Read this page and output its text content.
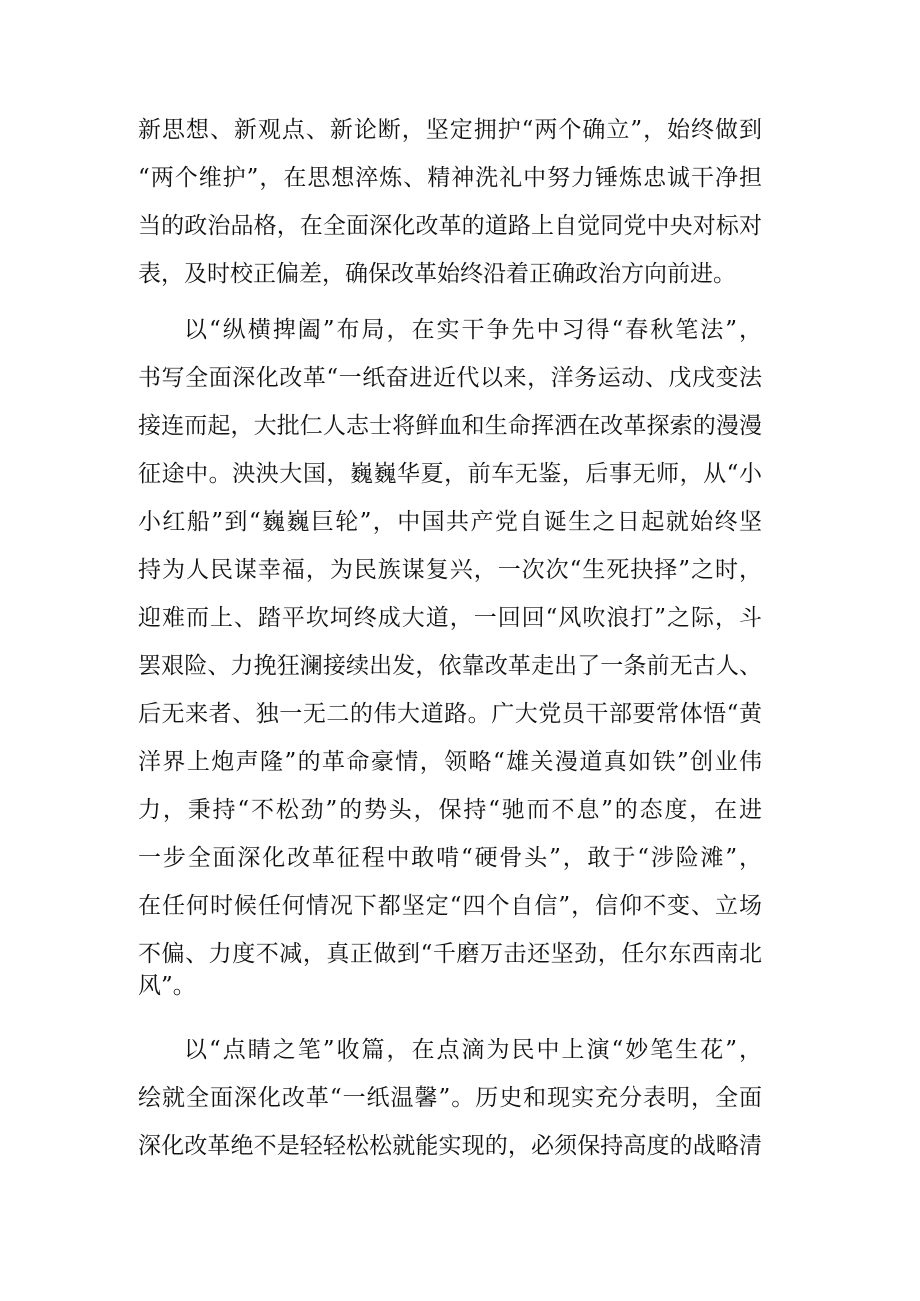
新思想、新观点、新论断，坚定拥护“两个确立”，始终做到
“两个维护”，在思想淬炼、精神洗礼中努力锤炼忠诚干净担
当的政治品格，在全面深化改革的道路上自觉同党中央对标对
表，及时校正偏差，确保改革始终沿着正确政治方向前进。
以“纵横捭阖”布局，在实干争先中习得“春秋笔法”，
书写全面深化改革“一纸奋进近代以来，洋务运动、戊戌变法
接连而起，大批仁人志士将鲜血和生命挥洒在改革探索的漫漫
征途中。泱泱大国，巍巍华夏，前车无鉴，后事无师，从“小
小红船”到“巍巍巨轮”，中国共产党自诞生之日起就始终坚
持为人民谋幸福，为民族谋复兴，一次次“生死抉择”之时，
迎难而上、踏平坎坷终成大道，一回回“风吹浪打”之际，斗
罢艰险、力挽狂澜接续出发，依靠改革走出了一条前无古人、
后无来者、独一无二的伟大道路。广大党员干部要常体悟“黄
洋界上炮声隆”的革命豪情，领略“雄关漫道真如铁”创业伟
力，秉持“不松劲”的势头，保持“驰而不息”的态度，在进
一步全面深化改革征程中敢啃“硬骨头”，敢于“涉险滩”，
在任何时候任何情况下都坚定“四个自信”，信仰不变、立场
不偏、力度不减，真正做到“千磨万击还坚劲，任尔东西南北
风”。
以“点睛之笔”收篇，在点滴为民中上演“妙笔生花”，
绘就全面深化改革“一纸温馨”。历史和现实充分表明，全面
深化改革绝不是轻轻松松就能实现的，必须保持高度的战略清
